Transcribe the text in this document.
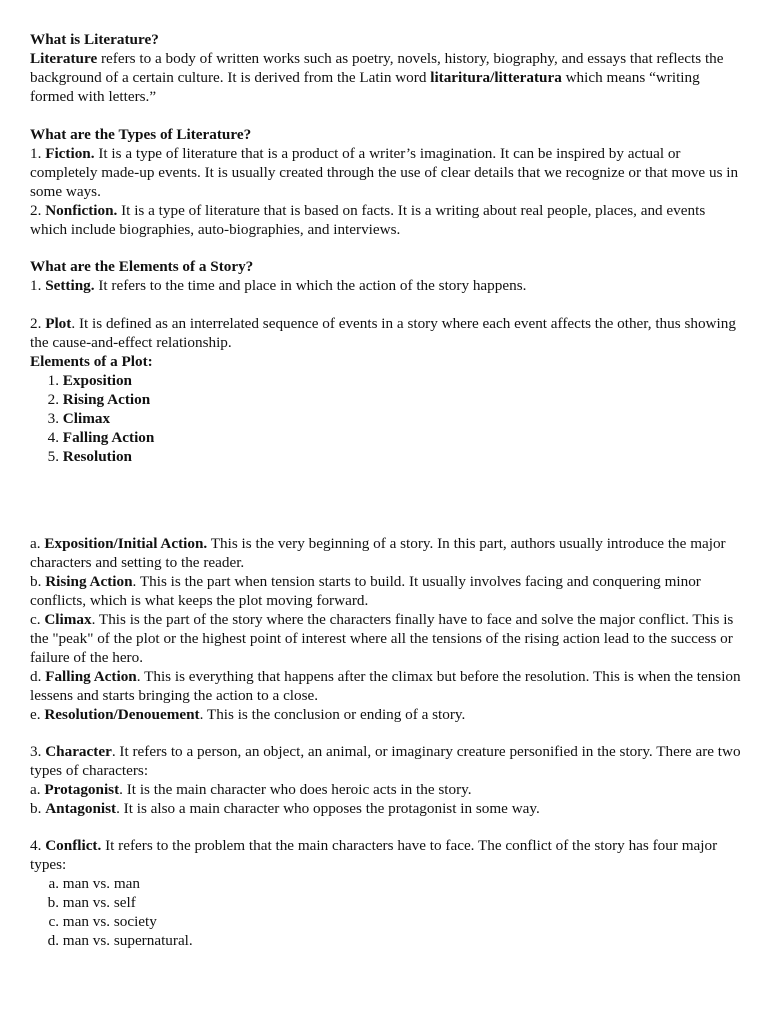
What is Literature?

Literature refers to a body of written works such as poetry, novels, history, biography, and essays that reflects the background of a certain culture. It is derived from the Latin word litaritura/litteratura which means “writing formed with letters.”

What are the Types of Literature?

1. Fiction. It is a type of literature that is a product of a writer’s imagination. It can be inspired by actual or completely made-up events. It is usually created through the use of clear details that we recognize or that move us in some ways.

2. Nonfiction. It is a type of literature that is based on facts. It is a writing about real people, places, and events which include biographies, auto-biographies, and interviews.

What are the Elements of a Story?

1. Setting. It refers to the time and place in which the action of the story happens.

2. Plot. It is defined as an interrelated sequence of events in a story where each event affects the other, thus showing the cause-and-effect relationship.

Elements of a Plot:

1. Exposition
2. Rising Action
3. Climax
4. Falling Action
5. Resolution

a. Exposition/Initial Action. This is the very beginning of a story. In this part, authors usually introduce the major characters and setting to the reader.

b. Rising Action. This is the part when tension starts to build. It usually involves facing and conquering minor conflicts, which is what keeps the plot moving forward.

c. Climax. This is the part of the story where the characters finally have to face and solve the major conflict. This is the "peak" of the plot or the highest point of interest where all the tensions of the rising action lead to the success or failure of the hero.

d. Falling Action. This is everything that happens after the climax but before the resolution. This is when the tension lessens and starts bringing the action to a close.

e. Resolution/Denouement. This is the conclusion or ending of a story.

3. Character. It refers to a person, an object, an animal, or imaginary creature personified in the story. There are two types of characters:

a. Protagonist. It is the main character who does heroic acts in the story.

b. Antagonist. It is also a main character who opposes the protagonist in some way.

4. Conflict. It refers to the problem that the main characters have to face. The conflict of the story has four major types:

a. man vs. man
b. man vs. self
c. man vs. society
d. man vs. supernatural.
